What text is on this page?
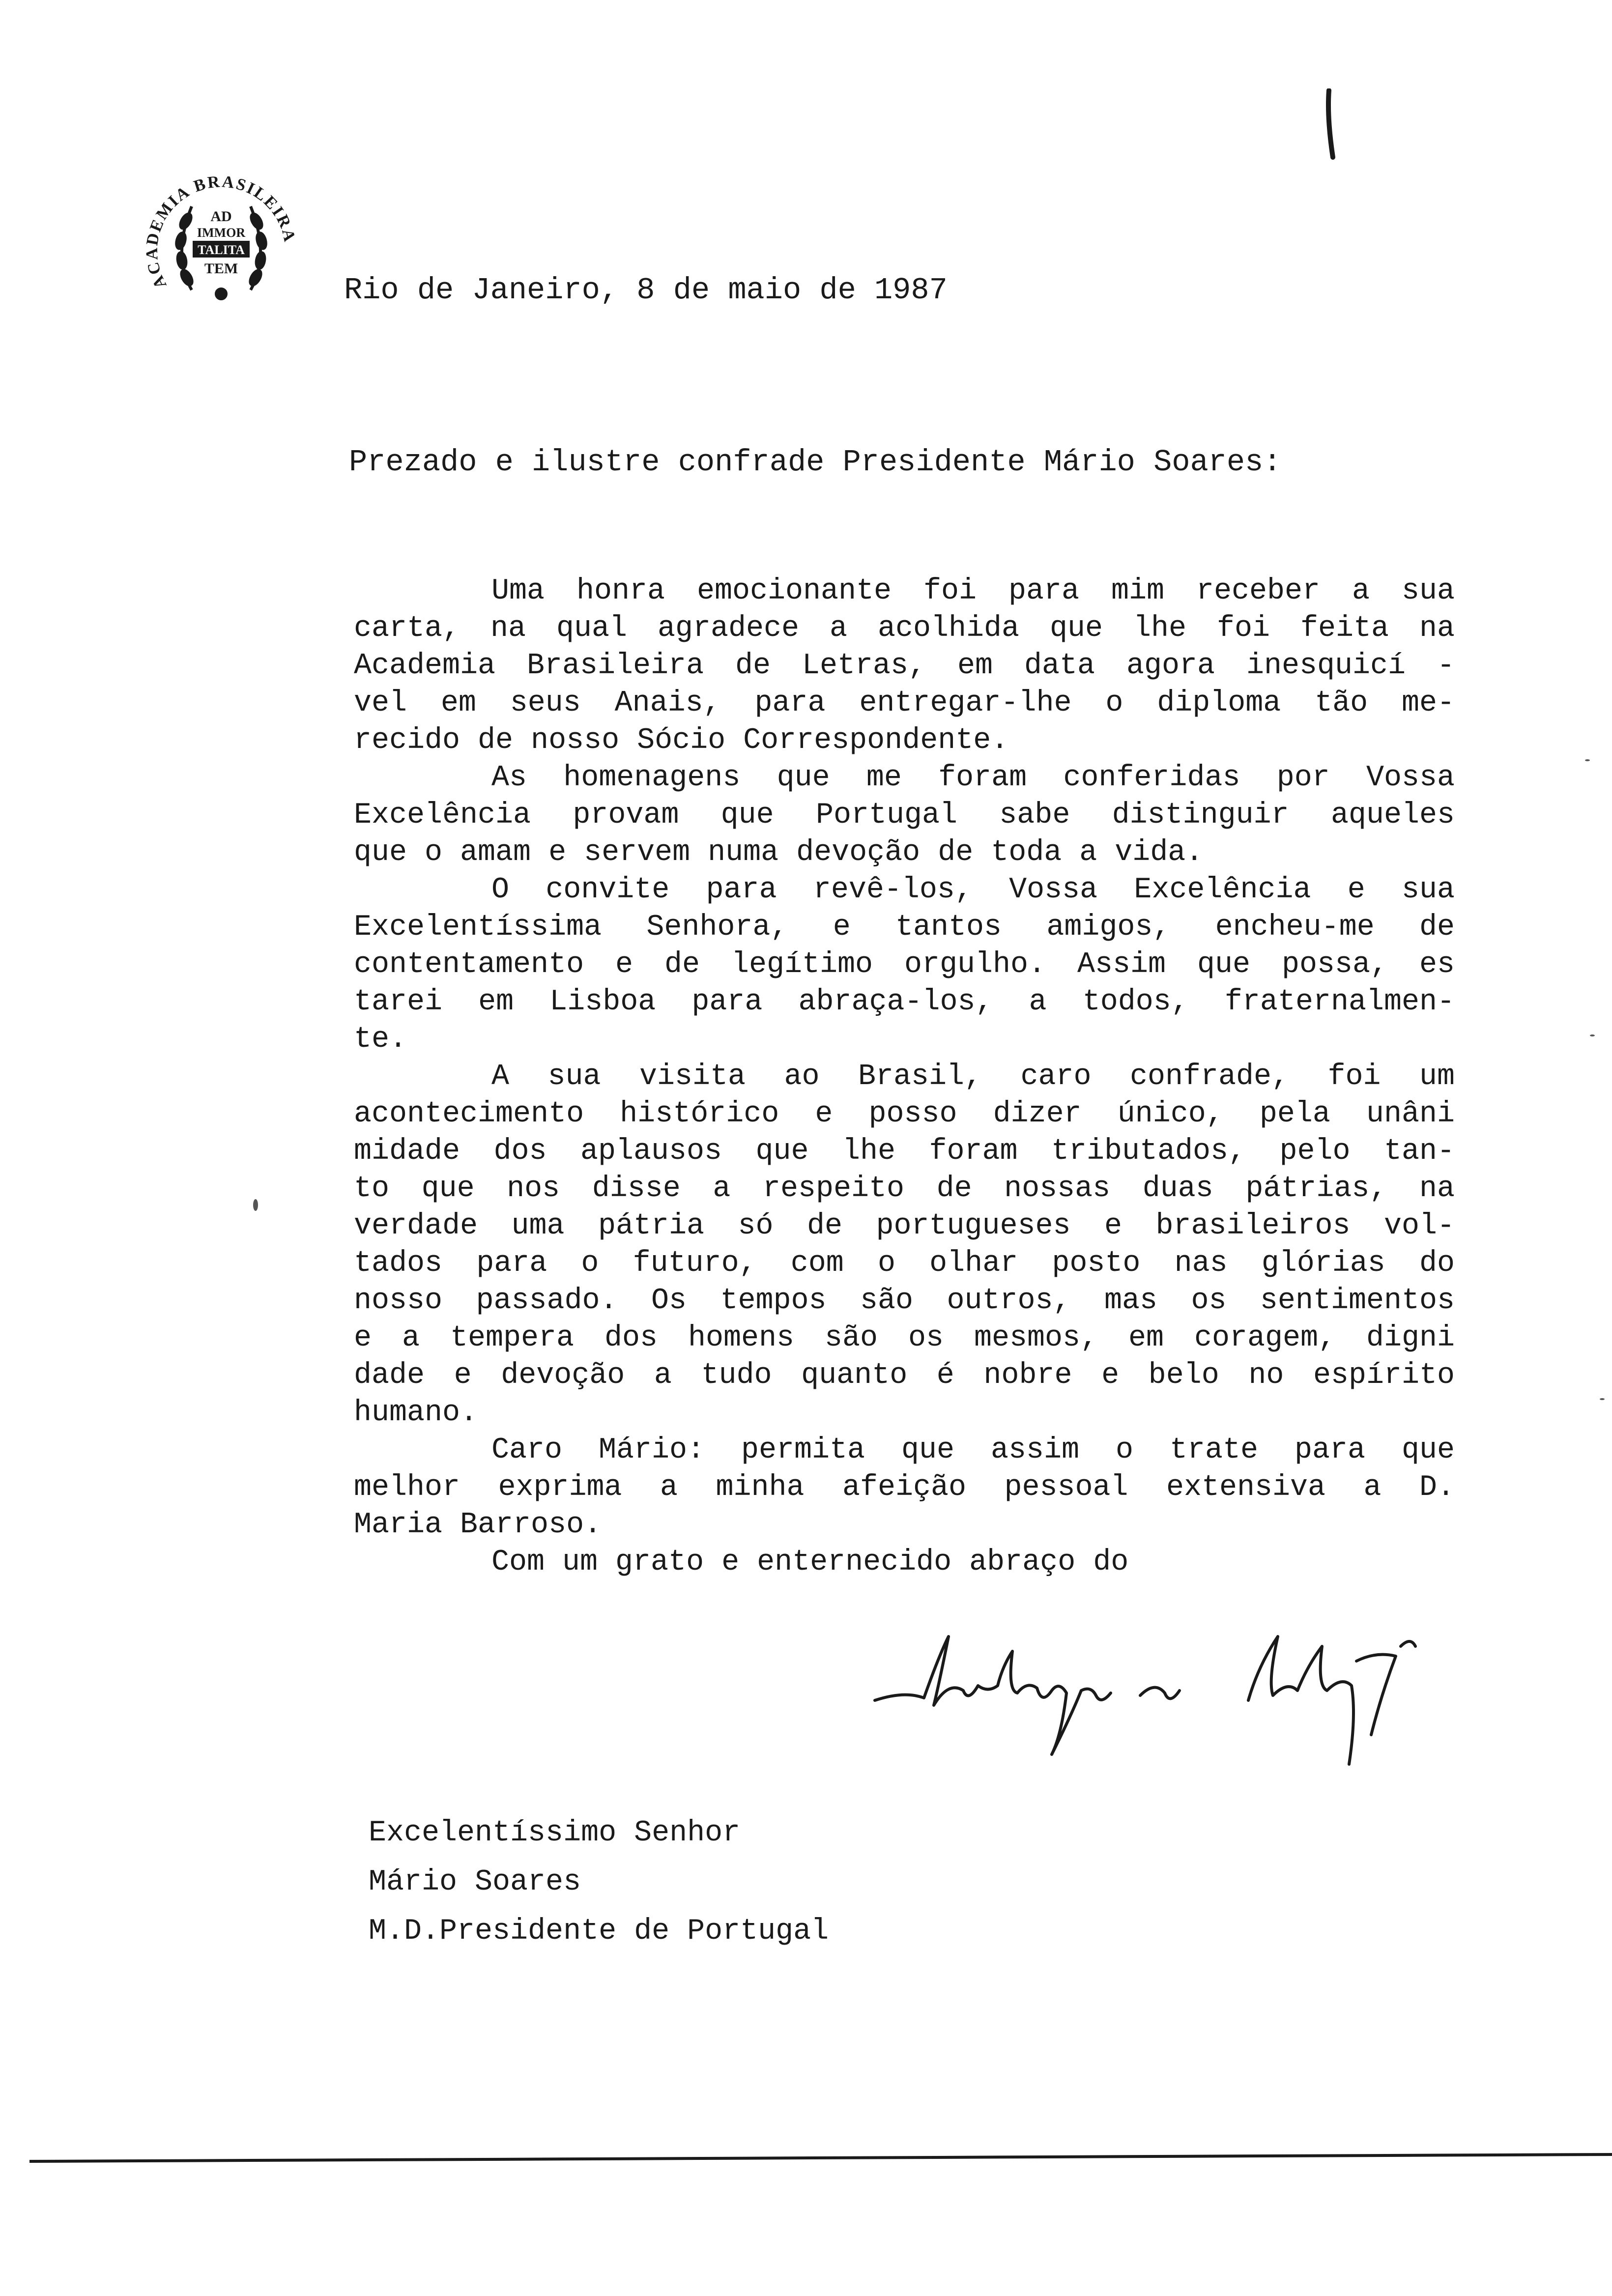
ACADEMIA BRASILEIRA
AD
IMMOR
TALITA
TEM
Rio de Janeiro, 8 de maio de 1987
Prezado e ilustre confrade Presidente Mário Soares:
Uma honra emocionante foi para mim receber a sua
carta, na qual agradece a acolhida que lhe foi feita na
Academia Brasileira de Letras, em data agora inesquicí -
vel em seus Anais, para entregar-lhe o diploma tão me-
recido de nosso Sócio Correspondente.
As homenagens que me foram conferidas por Vossa
Excelência provam que Portugal sabe distinguir aqueles
que o amam e servem numa devoção de toda a vida.
O convite para revê-los, Vossa Excelência e sua
Excelentíssima Senhora, e tantos amigos, encheu-me de
contentamento e de legítimo orgulho. Assim que possa, es
tarei em Lisboa para abraça-los, a todos, fraternalmen-
te.
A sua visita ao Brasil, caro confrade, foi um
acontecimento histórico e posso dizer único, pela unâni
midade dos aplausos que lhe foram tributados, pelo tan-
to que nos disse a respeito de nossas duas pátrias, na
verdade uma pátria só de portugueses e brasileiros vol-
tados para o futuro, com o olhar posto nas glórias do
nosso passado. Os tempos são outros, mas os sentimentos
e a tempera dos homens são os mesmos, em coragem, digni
dade e devoção a tudo quanto é nobre e belo no espírito
humano.
Caro Mário: permita que assim o trate para que
melhor exprima a minha afeição pessoal extensiva a D.
Maria Barroso.
Com um grato e enternecido abraço do
Excelentíssimo Senhor
Mário Soares
M.D.Presidente de Portugal
